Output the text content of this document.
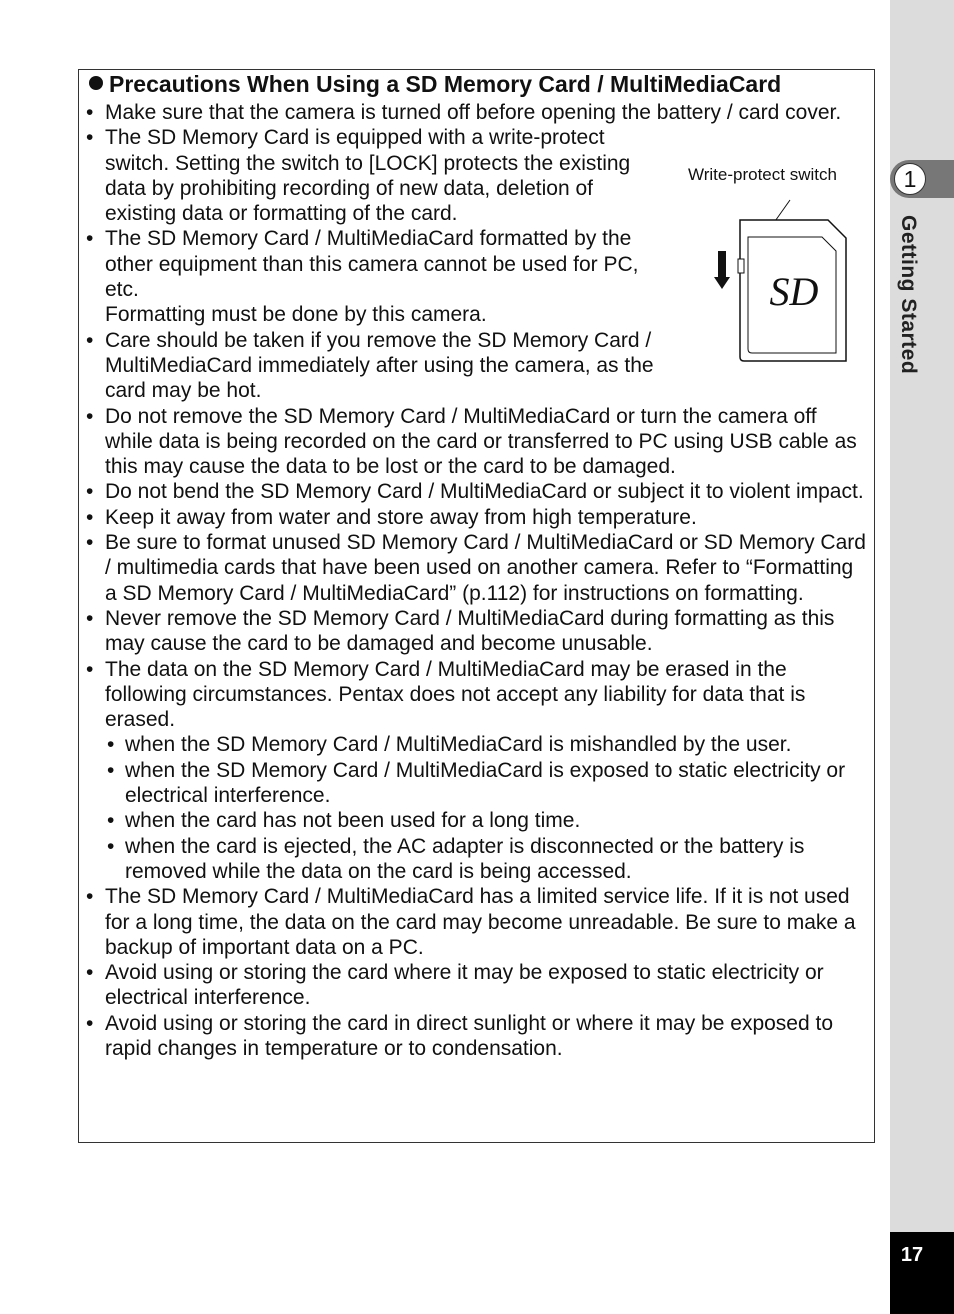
1
Getting Started
17
Precautions When Using a SD Memory Card / MultiMediaCard
Write-protect switch
SD
• Make sure that the camera is turned off before opening the battery / card cover.
• The SD Memory Card is equipped with a write-protect switch. Setting the switch to [LOCK] protects the existing data by prohibiting recording of new data, deletion of existing data or formatting of the card.
• The SD Memory Card / MultiMediaCard formatted by the other equipment than this camera cannot be used for PC, etc.
Formatting must be done by this camera.
• Care should be taken if you remove the SD Memory Card / MultiMediaCard immediately after using the camera, as the card may be hot.
• Do not remove the SD Memory Card / MultiMediaCard or turn the camera off while data is being recorded on the card or transferred to PC using USB cable as this may cause the data to be lost or the card to be damaged.
• Do not bend the SD Memory Card / MultiMediaCard or subject it to violent impact.
• Keep it away from water and store away from high temperature.
• Be sure to format unused SD Memory Card / MultiMediaCard or SD Memory Card / multimedia cards that have been used on another camera. Refer to “Formatting a SD Memory Card / MultiMediaCard” (p.112) for instructions on formatting.
• Never remove the SD Memory Card / MultiMediaCard during formatting as this may cause the card to be damaged and become unusable.
• The data on the SD Memory Card / MultiMediaCard may be erased in the following circumstances. Pentax does not accept any liability for data that is erased.
• when the SD Memory Card / MultiMediaCard is mishandled by the user.
• when the SD Memory Card / MultiMediaCard is exposed to static electricity or electrical interference.
• when the card has not been used for a long time.
• when the card is ejected, the AC adapter is disconnected or the battery is removed while the data on the card is being accessed.
• The SD Memory Card / MultiMediaCard has a limited service life. If it is not used for a long time, the data on the card may become unreadable. Be sure to make a backup of important data on a PC.
• Avoid using or storing the card where it may be exposed to static electricity or electrical interference.
• Avoid using or storing the card in direct sunlight or where it may be exposed to rapid changes in temperature or to condensation.
